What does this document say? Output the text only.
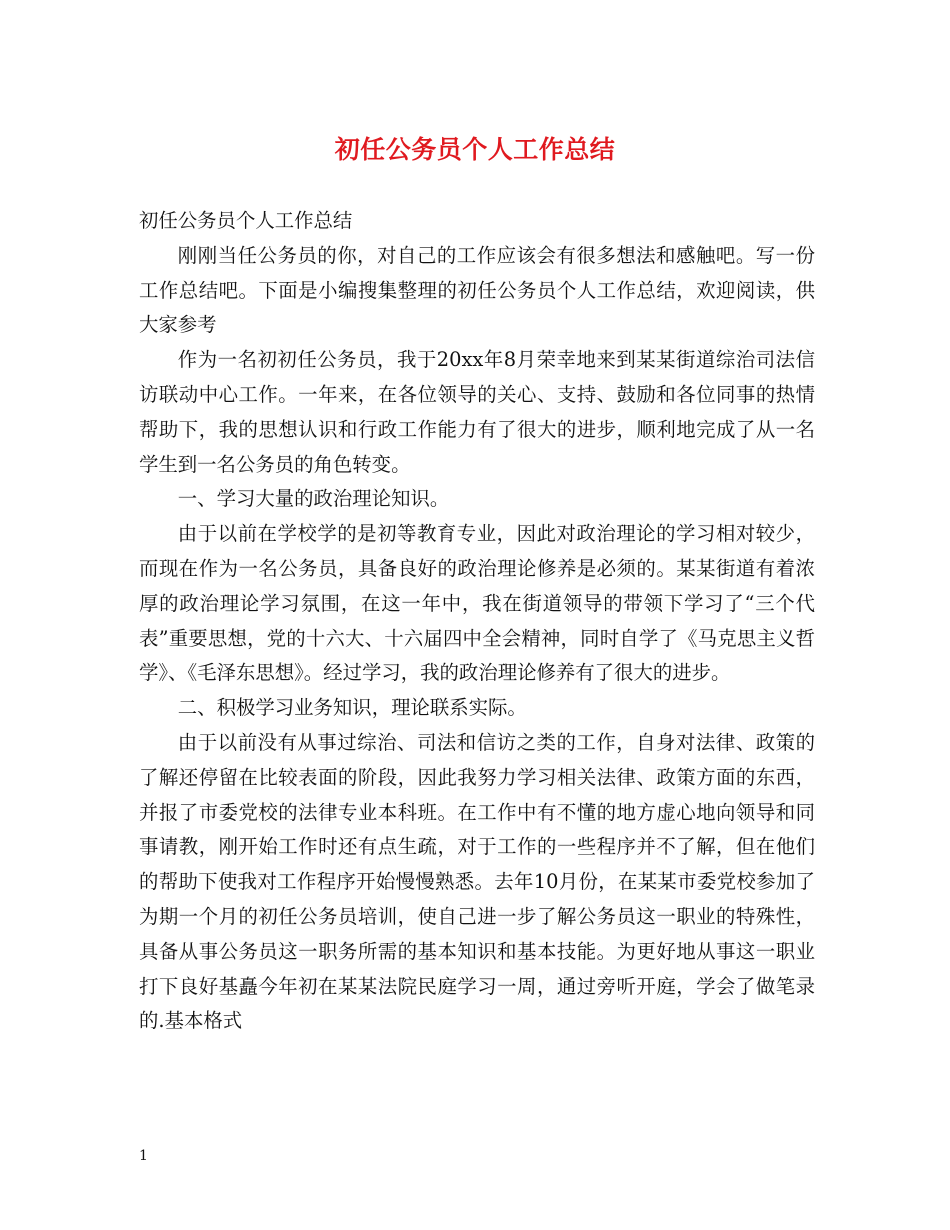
初任公务员个人工作总结

初任公务员个人工作总结

刚刚当任公务员的你，对自己的工作应该会有很多想法和感触吧。写一份工作总结吧。下面是小编搜集整理的初任公务员个人工作总结，欢迎阅读，供大家参考

作为一名初初任公务员，我于20xx年8月荣幸地来到某某街道综治司法信访联动中心工作。一年来，在各位领导的关心、支持、鼓励和各位同事的热情帮助下，我的思想认识和行政工作能力有了很大的进步，顺利地完成了从一名学生到一名公务员的角色转变。

一、学习大量的政治理论知识。

由于以前在学校学的是初等教育专业，因此对政治理论的学习相对较少，而现在作为一名公务员，具备良好的政治理论修养是必须的。某某街道有着浓厚的政治理论学习氛围，在这一年中，我在街道领导的带领下学习了“三个代表”重要思想，党的十六大、十六届四中全会精神，同时自学了《马克思主义哲学》、《毛泽东思想》。经过学习，我的政治理论修养有了很大的进步。

二、积极学习业务知识，理论联系实际。

由于以前没有从事过综治、司法和信访之类的工作，自身对法律、政策的了解还停留在比较表面的阶段，因此我努力学习相关法律、政策方面的东西，并报了市委党校的法律专业本科班。在工作中有不懂的地方虚心地向领导和同事请教，刚开始工作时还有点生疏，对于工作的一些程序并不了解，但在他们的帮助下使我对工作程序开始慢慢熟悉。去年10月份，在某某市委党校参加了为期一个月的初任公务员培训，使自己进一步了解公务员这一职业的特殊性，具备从事公务员这一职务所需的基本知识和基本技能。为更好地从事这一职业打下良好基矗今年初在某某法院民庭学习一周，通过旁听开庭，学会了做笔录的.基本格式

1
